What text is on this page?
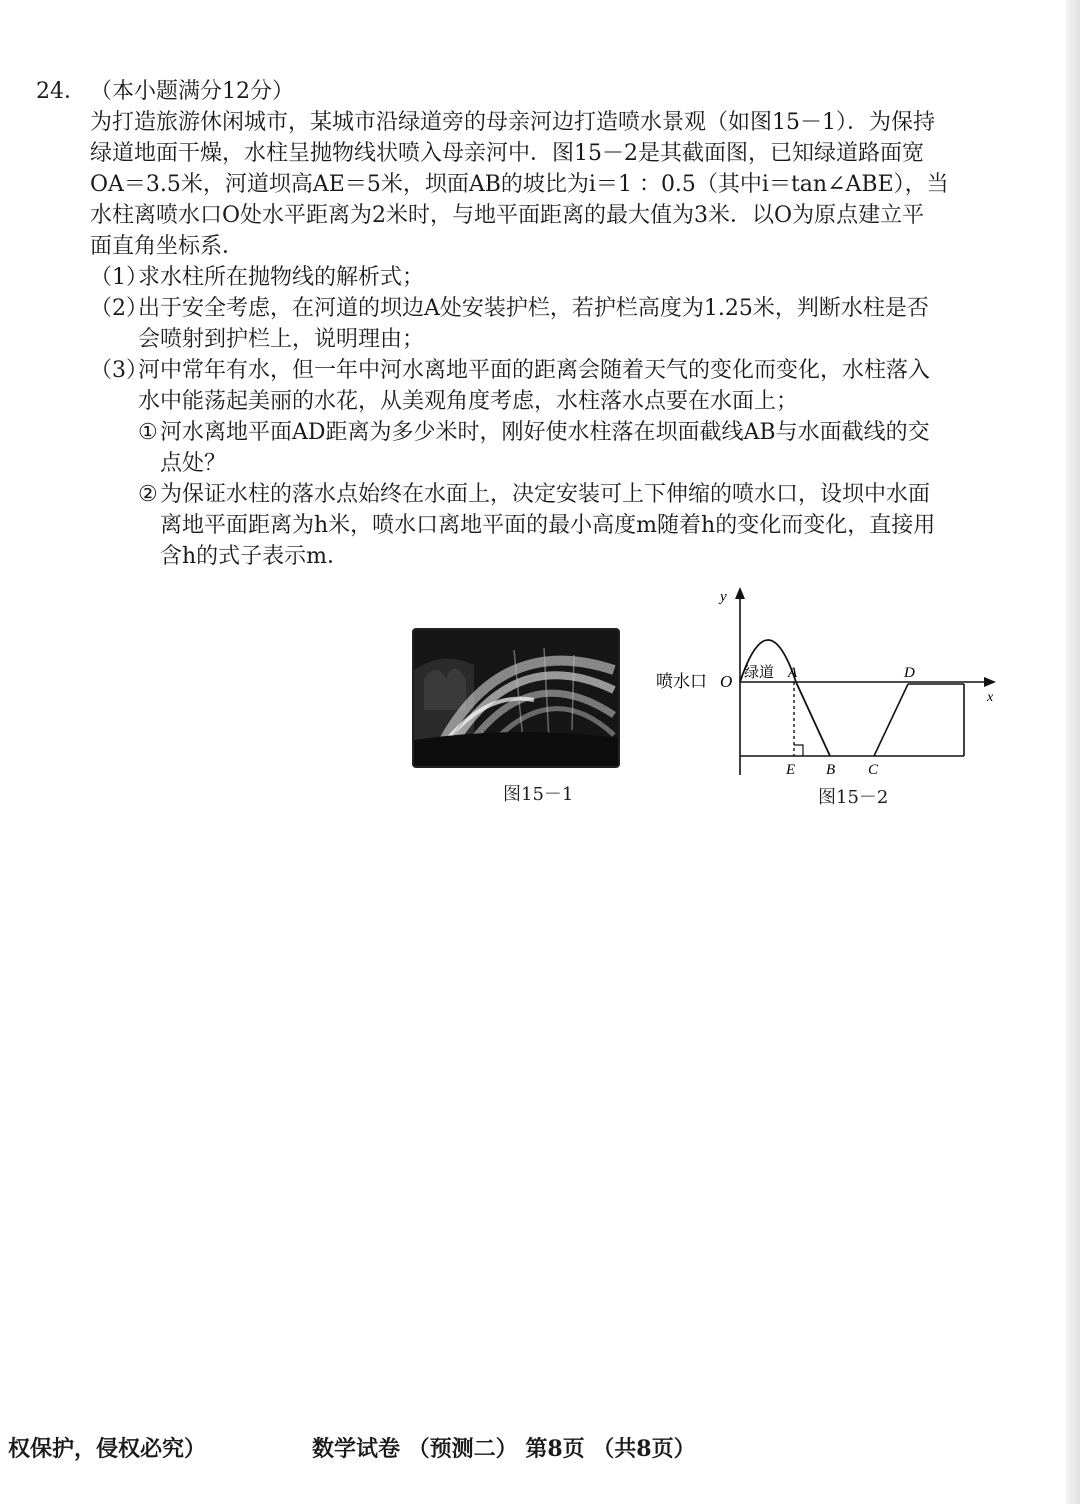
24． （本小题满分12分）

为打造旅游休闲城市，某城市沿绿道旁的母亲河边打造喷水景观（如图15－1）．为保持

绿道地面干燥，水柱呈抛物线状喷入母亲河中．图15－2是其截面图，已知绿道路面宽

OA＝3.5米，河道坝高AE＝5米，坝面AB的坡比为i＝1 ：0.5（其中i＝tan∠ABE），当

水柱离喷水口O处水平距离为2米时，与地平面距离的最大值为3米．以O为原点建立平

面直角坐标系．

（1）
求水柱所在抛物线的解析式；
（2）
出于安全考虑，在河道的坝边A处安装护栏，若护栏高度为1.25米，判断水柱是否
会喷射到护栏上，说明理由；
（3）
河中常年有水，但一年中河水离地平面的距离会随着天气的变化而变化，水柱落入
水中能荡起美丽的水花，从美观角度考虑，水柱落水点要在水面上；
① 河水离地平面AD距离为多少米时，刚好使水柱落在坝面截线AB与水面截线的交
点处？
② 为保证水柱的落水点始终在水面上，决定安装可上下伸缩的喷水口，设坝中水面
离地平面距离为h米，喷水口离地平面的最小高度m随着h的变化而变化，直接用
含h的式子表示m．
图15－1
y
喷水口 O 绿道 A	D
x
E B C
图15－2
权保护，侵权必究）	数学试卷 （预测二） 第8页 （共8页）
